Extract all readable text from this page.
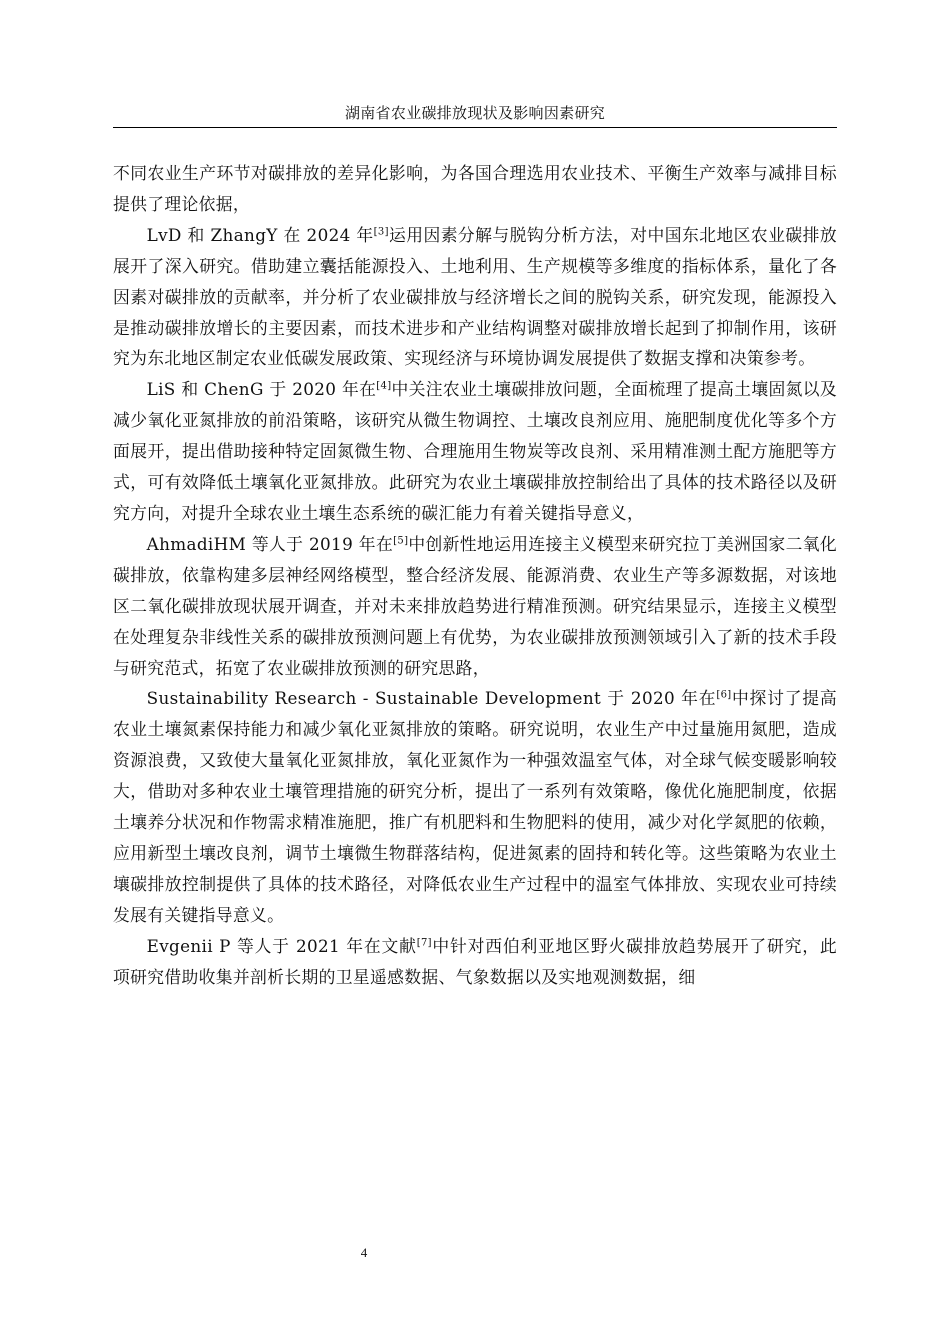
湖南省农业碳排放现状及影响因素研究

不同农业生产环节对碳排放的差异化影响，为各国合理选用农业技术、平衡生产效率与减排目标提供了理论依据，

LvD 和 ZhangY 在 2024 年[3]运用因素分解与脱钩分析方法，对中国东北地区农业碳排放展开了深入研究。借助建立囊括能源投入、土地利用、生产规模等多维度的指标体系，量化了各因素对碳排放的贡献率，并分析了农业碳排放与经济增长之间的脱钩关系，研究发现，能源投入是推动碳排放增长的主要因素，而技术进步和产业结构调整对碳排放增长起到了抑制作用，该研究为东北地区制定农业低碳发展政策、实现经济与环境协调发展提供了数据支撑和决策参考。

LiS 和 ChenG 于 2020 年在[4]中关注农业土壤碳排放问题，全面梳理了提高土壤固氮以及减少氧化亚氮排放的前沿策略，该研究从微生物调控、土壤改良剂应用、施肥制度优化等多个方面展开，提出借助接种特定固氮微生物、合理施用生物炭等改良剂、采用精准测土配方施肥等方式，可有效降低土壤氧化亚氮排放。此研究为农业土壤碳排放控制给出了具体的技术路径以及研究方向，对提升全球农业土壤生态系统的碳汇能力有着关键指导意义，

AhmadiHM 等人于 2019 年在[5]中创新性地运用连接主义模型来研究拉丁美洲国家二氧化碳排放，依靠构建多层神经网络模型，整合经济发展、能源消费、农业生产等多源数据，对该地区二氧化碳排放现状展开调查，并对未来排放趋势进行精准预测。研究结果显示，连接主义模型在处理复杂非线性关系的碳排放预测问题上有优势，为农业碳排放预测领域引入了新的技术手段与研究范式，拓宽了农业碳排放预测的研究思路，

Sustainability Research - Sustainable Development 于 2020 年在[6]中探讨了提高农业土壤氮素保持能力和减少氧化亚氮排放的策略。研究说明，农业生产中过量施用氮肥，造成资源浪费，又致使大量氧化亚氮排放，氧化亚氮作为一种强效温室气体，对全球气候变暖影响较大，借助对多种农业土壤管理措施的研究分析，提出了一系列有效策略，像优化施肥制度，依据土壤养分状况和作物需求精准施肥，推广有机肥料和生物肥料的使用，减少对化学氮肥的依赖，应用新型土壤改良剂，调节土壤微生物群落结构，促进氮素的固持和转化等。这些策略为农业土壤碳排放控制提供了具体的技术路径，对降低农业生产过程中的温室气体排放、实现农业可持续发展有关键指导意义。

Evgenii P 等人于 2021 年在文献[7]中针对西伯利亚地区野火碳排放趋势展开了研究，此项研究借助收集并剖析长期的卫星遥感数据、气象数据以及实地观测数据，细

4
